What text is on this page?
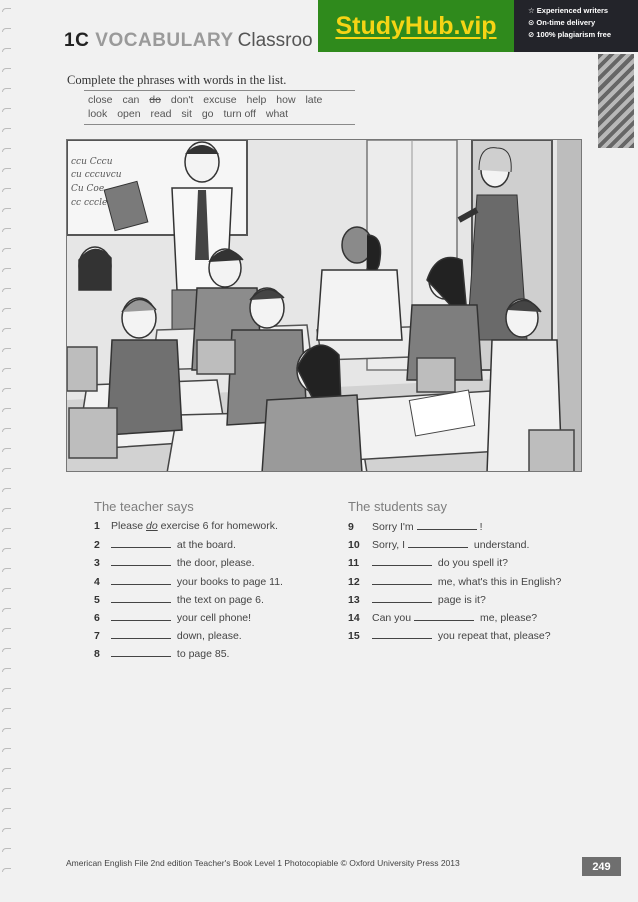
1C VOCABULARY Classroo
StudyHub.vip
☆ Experienced writers
⊙ On-time delivery
⊘ 100% plagiarism free
Complete the phrases with words in the list.
close can do don't excuse help how late
look open read sit go turn off what
ccu Cccu
cu cccuvcu
Cu Coe
cc cccle
The teacher says
1 Please do exercise 6 for homework.
2	at the board.
3	the door, please.
4	your books to page 11.
5	the text on page 6.
6	your cell phone!
7	down, please.
8	to page 85.
The students say
9 Sorry I'm	!
10 Sorry, I	understand.
11	do you spell it?
12	me, what's this in English?
13	page is it?
14 Can you	me, please?
15	you repeat that, please?
American English File 2nd edition Teacher's Book Level 1 Photocopiable © Oxford University Press 2013	249
